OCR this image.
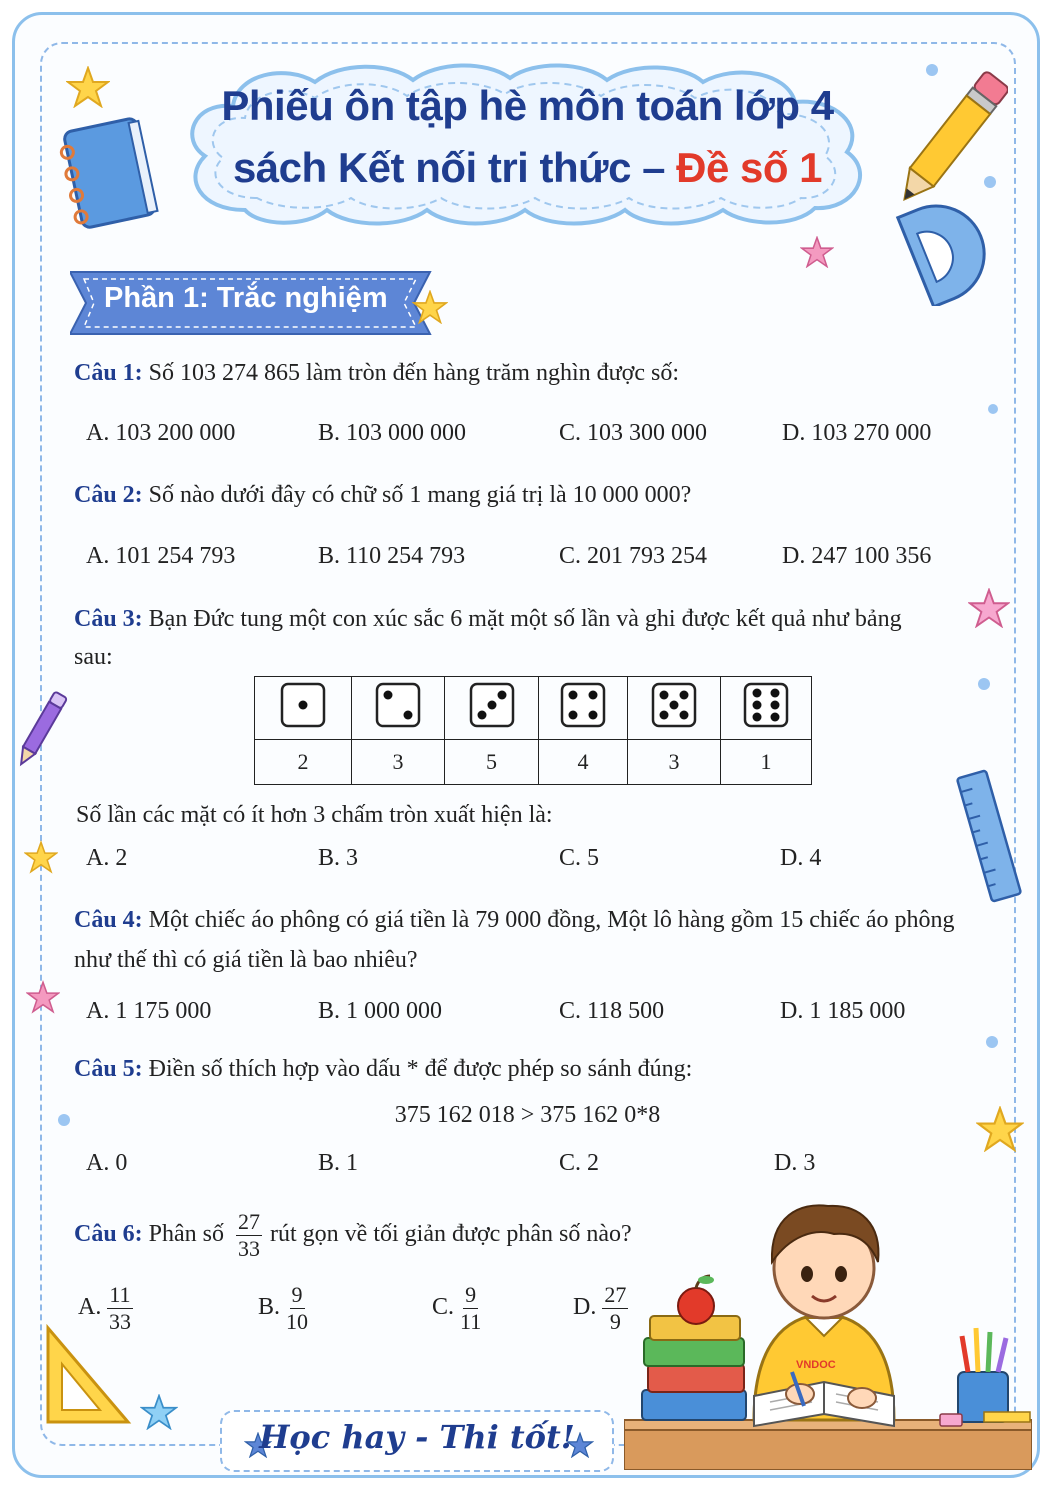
Phiếu ôn tập hè môn toán lớp 4
sách Kết nối tri thức – Đề số 1
Phần 1: Trắc nghiệm
Câu 1: Số 103 274 865 làm tròn đến hàng trăm nghìn được số:
A. 103 200 000	B. 103 000 000	C. 103 300 000	D. 103 270 000
Câu 2: Số nào dưới đây có chữ số 1 mang giá trị là 10 000 000?
A. 101 254 793	B. 110 254 793	C. 201 793 254	D. 247 100 356
Câu 3: Bạn Đức tung một con xúc sắc 6 mặt một số lần và ghi được kết quả như bảng sau:

2	3	5	4	3	1
Số lần các mặt có ít hơn 3 chấm tròn xuất hiện là:
A. 2	B. 3	C. 5	D. 4
Câu 4: Một chiếc áo phông có giá tiền là 79 000 đồng, Một lô hàng gồm 15 chiếc áo phông như thế thì có giá tiền là bao nhiêu?
A. 1 175 000	B. 1 000 000	C. 118 500	D. 1 185 000
Câu 5: Điền số thích hợp vào dấu * để được phép so sánh đúng:
375 162 018 > 375 162 0*8
A. 0	B. 1	C. 2	D. 3
Câu 6: Phân số $\frac{27}{33}$ rút gọn về tối giản được phân số nào?
A. $\frac{11}{33}$	B. $\frac{9}{10}$	C. $\frac{9}{11}$	D. $\frac{27}{9}$
VNDOC
Học hay - Thi tốt!
